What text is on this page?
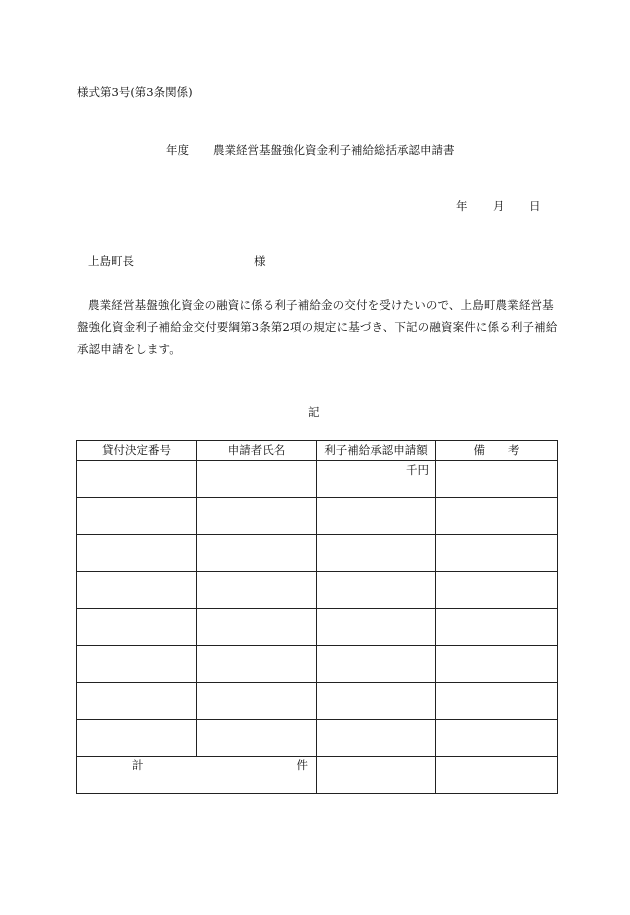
様式第3号(第3条関係)
年度 農業経営基盤強化資金利子補給総括承認申請書
年 月 日
上島町長	様
農業経営基盤強化資金の融資に係る利子補給金の交付を受けたいので、上島町農業経営基盤強化資金利子補給金交付要綱第3条第2項の規定に基づき、下記の融資案件に係る利子補給承認申請をします。
記
貸付決定番号	申請者氏名	利子補給承認申請額	備　　考

		千円	

計 件			
